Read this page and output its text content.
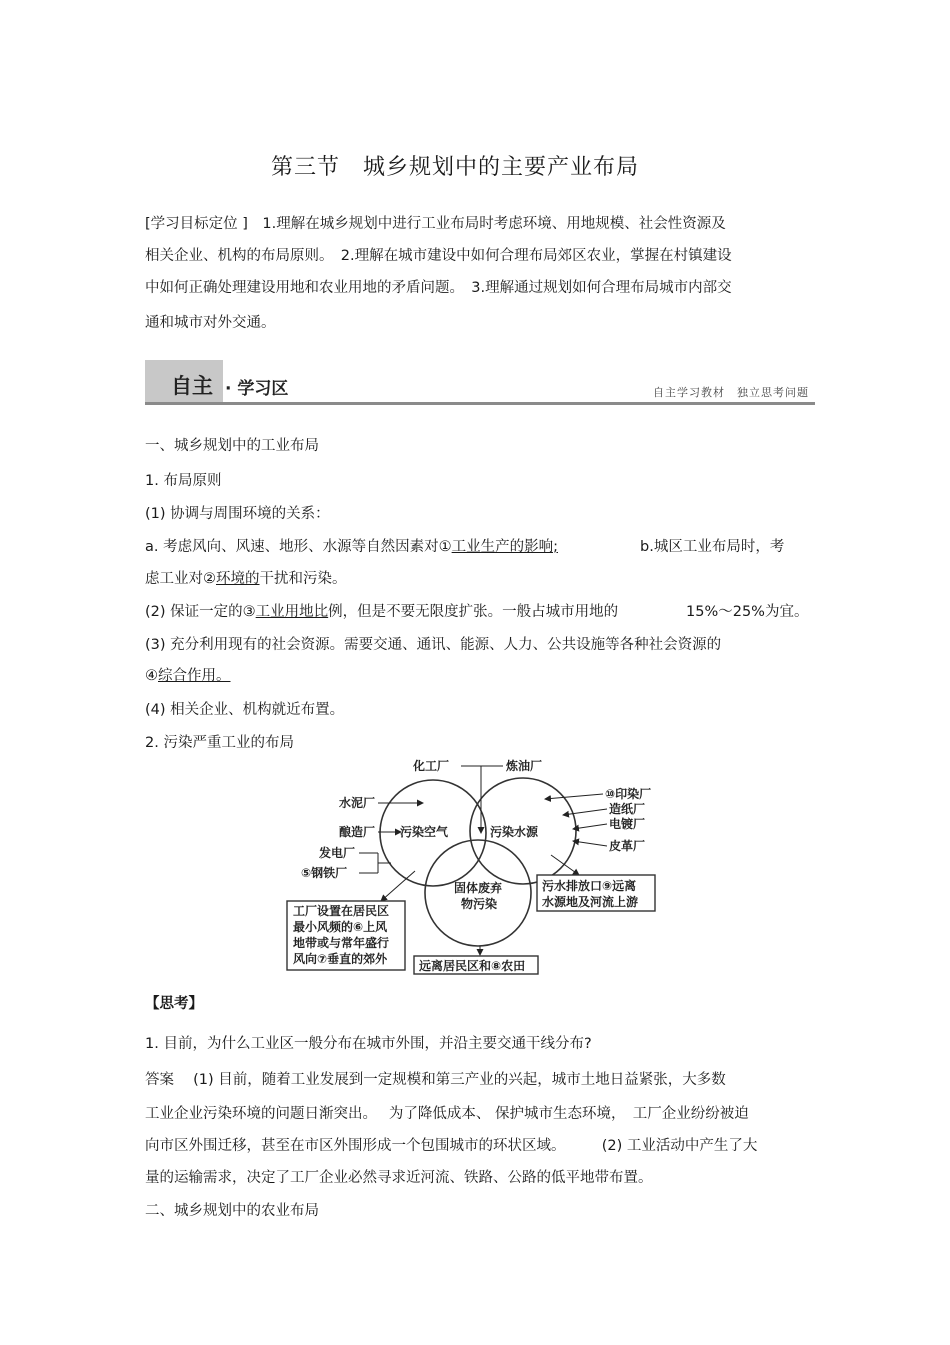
第三节　城乡规划中的主要产业布局
[学习目标定位 ]　1.理解在城乡规划中进行工业布局时考虑环境、用地规模、社会性资源及
相关企业、机构的布局原则。　2.理解在城市建设中如何合理布局郊区农业，掌握在村镇建设
中如何正确处理建设用地和农业用地的矛盾问题。　3.理解通过规划如何合理布局城市内部交
通和城市对外交通。
自主 · 学习区	自主学习教材　独立思考问题
一、城乡规划中的工业布局
1. 布局原则
(1) 协调与周围环境的关系：
a. 考虑风向、风速、地形、水源等自然因素对①工业生产的影响;	b.城区工业布局时，考
虑工业对②环境的干扰和污染。
(2) 保证一定的③工业用地比例，但是不要无限度扩张。一般占城市用地的	15%～25%为宜。
(3) 充分利用现有的社会资源。需要交通、通讯、能源、人力、公共设施等各种社会资源的
④综合作用。
(4) 相关企业、机构就近布置。
2. 污染严重工业的布局
化工厂	炼油厂
水泥厂
酿造厂 污染空气	污染水源
发电厂
⑤钢铁厂
⑩印染厂
造纸厂
电镀厂
皮革厂
固体废弃
物污染
工厂设置在居民区
最小风频的⑥上风
地带或与常年盛行
风向⑦垂直的郊外
污水排放口⑨远离
水源地及河流上游
远离居民区和⑧农田
【思考】
1. 目前，为什么工业区一般分布在城市外围，并沿主要交通干线分布?
答案　 (1) 目前，随着工业发展到一定规模和第三产业的兴起，城市土地日益紧张，大多数
工业企业污染环境的问题日渐突出。　 为了降低成本、 保护城市生态环境，　工厂企业纷纷被迫
向市区外围迁移，甚至在市区外围形成一个包围城市的环状区域。　　　(2) 工业活动中产生了大
量的运输需求，决定了工厂企业必然寻求近河流、铁路、公路的低平地带布置。
二、城乡规划中的农业布局
